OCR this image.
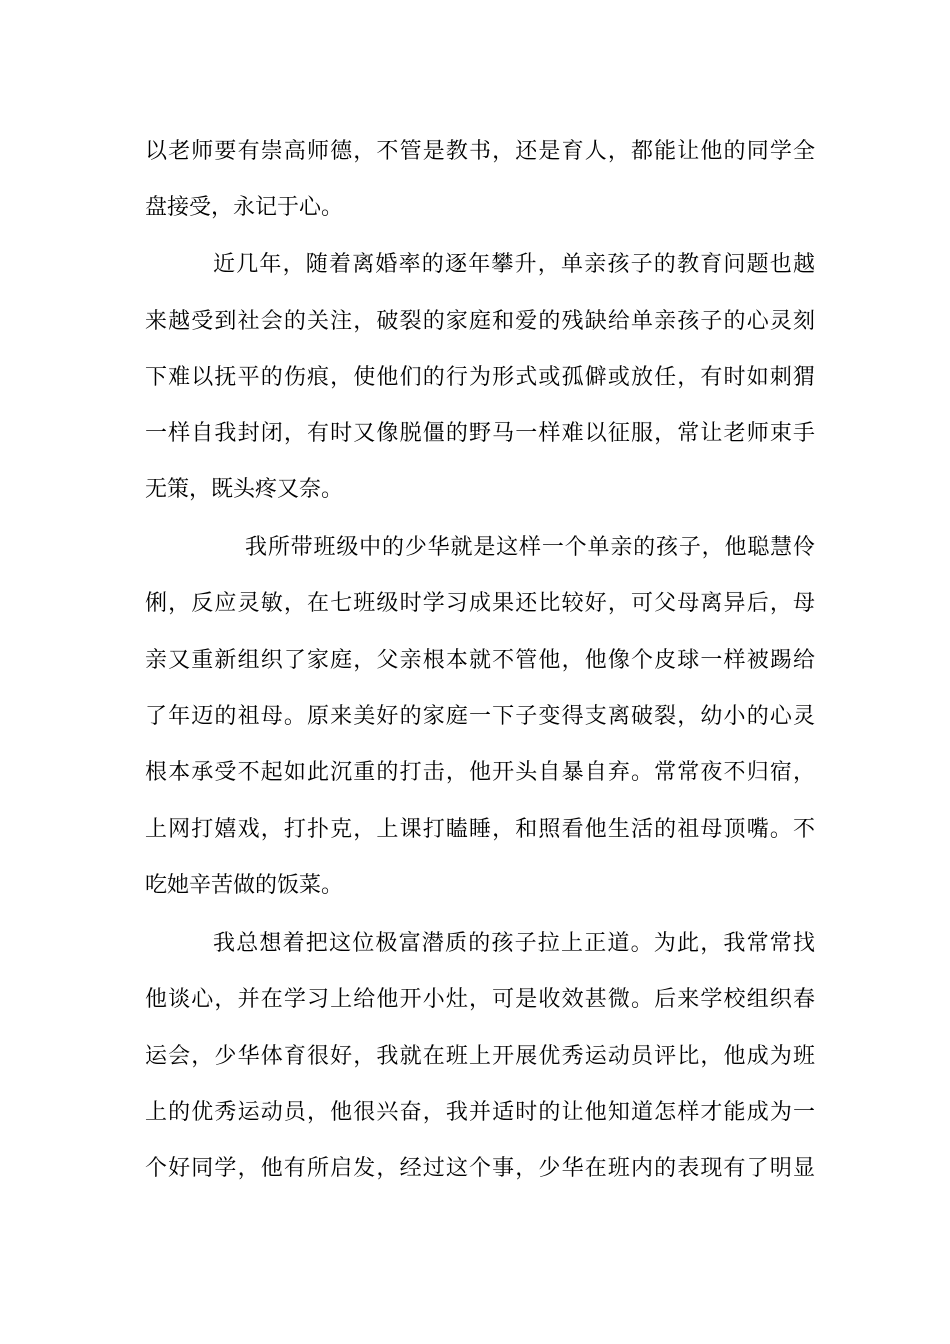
以老师要有崇高师德，不管是教书，还是育人，都能让他的同学全
盘接受，永记于心。
近几年，随着离婚率的逐年攀升，单亲孩子的教育问题也越
来越受到社会的关注，破裂的家庭和爱的残缺给单亲孩子的心灵刻
下难以抚平的伤痕，使他们的行为形式或孤僻或放任，有时如刺猬
一样自我封闭，有时又像脱僵的野马一样难以征服，常让老师束手
无策，既头疼又奈。
我所带班级中的少华就是这样一个单亲的孩子，他聪慧伶
俐，反应灵敏，在七班级时学习成果还比较好，可父母离异后，母
亲又重新组织了家庭，父亲根本就不管他，他像个皮球一样被踢给
了年迈的祖母。原来美好的家庭一下子变得支离破裂，幼小的心灵
根本承受不起如此沉重的打击，他开头自暴自弃。常常夜不归宿，
上网打嬉戏，打扑克，上课打瞌睡，和照看他生活的祖母顶嘴。不
吃她辛苦做的饭菜。
我总想着把这位极富潜质的孩子拉上正道。为此，我常常找
他谈心，并在学习上给他开小灶，可是收效甚微。后来学校组织春
运会，少华体育很好，我就在班上开展优秀运动员评比，他成为班
上的优秀运动员，他很兴奋，我并适时的让他知道怎样才能成为一
个好同学，他有所启发，经过这个事，少华在班内的表现有了明显
